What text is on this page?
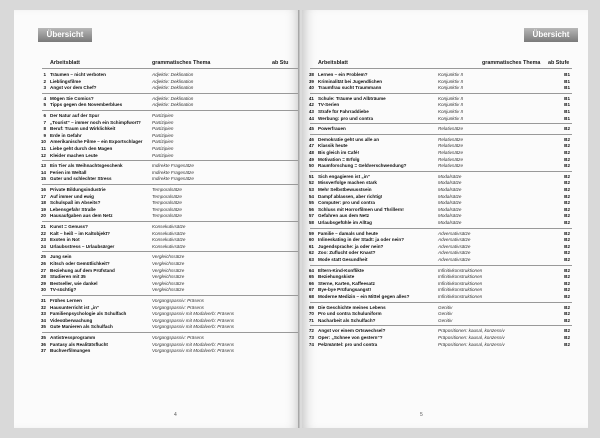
Übersicht
Arbeitsblatt	grammatisches Thema	ab Stu
1 Träumen – nicht verboten	Adjektiv: Deklination
2 Lieblingsfilme	Adjektiv: Deklination
3 Angst vor dem Chef?	Adjektiv: Deklination
4 Mögen Sie Comics?	Adjektiv: Deklination
5 Tipps gegen den Novemberblues	Adjektiv: Deklination
6 Der Natur auf der Spur	Partizipien
7 „Tourist“ – immer noch ein Schimpfwort? Partizipien
8 Beruf: Traum und Wirklichkeit	Partizipien
9 Erde in Gefahr	Partizipien
10 Amerikanische Filme – ein Exportschlager Partizipien
11 Liebe geht durch den Magen	Partizipien
12 Kleider machen Leute	Partizipien
13 Ein Tier als Weihnachtsgeschenk	Indirekte Fragesätze
14 Ferien im Weltall	Indirekte Fragesätze
15 Guter und schlechter Stress	Indirekte Fragesätze
16 Private Bildungsindustrie	Temporalsätze
17 Auf immer und ewig	Temporalsätze
18 Schulspaß im Abseits?	Temporalsätze
19 Lebensgefahr Straße	Temporalsätze
20 Hausaufgaben aus dem Netz	Temporalsätze
21 Kunst = Genuss?	Konsekutivsätze
22 Kalt – heiß – im Kaltobjekt?	Konsekutivsätze
23 Exoten in Not	Konsekutivsätze
24 Urlaubsstress – Urlaubsärger	Konsekutivsätze
25 Jung sein	Vergleichssätze
26 Kitsch oder Gemütlichkeit?	Vergleichssätze
27 Beziehung auf dem Prüfstand	Vergleichssätze
28 Studieren mit 35	Vergleichssätze
29 Bestseller, wie dankel	Vergleichssätze
30 TV-süchtig?	Vergleichssätze
31 Frühes Lernen	Vorgangspassiv: Präsens
32 Hausunterricht ist „in“	Vorgangspassiv: Präsens
33 Familienpsychologie als Schulfach	Vorgangspassiv mit Modalverb: Präsens
34 Videoüberwachung	Vorgangspassiv mit Modalverb: Präsens
35 Gute Manieren als Schulfach	Vorgangspassiv mit Modalverb: Präsens
35 Antistressprogramm	Vorgangspassiv: Präsens
36 Fantasy als Realitätsflucht	Vorgangspassiv mit Modalverb: Präsens
37 Buchverfilmungen	Vorgangspassiv mit Modalverb: Präsens
4
Übersicht
Arbeitsblatt	grammatisches Thema ab Stufe
38 Lernen – ein Problem?	Konjunktiv II	B1
39 Kriminalität bei Jugendlichen	Konjunktiv II	B1
40 Traumfrau sucht Traummann	Konjunktiv II	B1
41 Schule: Träume und Albträume	Konjunktiv II	B1
42 TV-Serien	Konjunktiv II	B1
43 Strafe für Fahrraddiebe	Konjunktiv II	B1
44 Werbung: pro und contra	Konjunktiv II	B1
45 Powerfrauen	Relativsätze	B2
46 Demokratie geht uns alle an	Relativsätze	B2
47 Klassik heute	Relativsätze	B2
48 Bis gleich im Café!	Relativsätze	B2
49 Motivation = Erfolg	Relativsätze	B2
50 Raumforschung = Geldverschwendung?	Relativsätze	B2
51 Sich engagieren ist „in“	Modalsätze	B2
52 Missverfolge machen stark	Modalsätze	B2
53 Mehr Selbstbewusstsein	Modalsätze	B2
54 Dampf ablassen, aber richtig!	Modalsätze	B2
55 Computer: pro und contra	Modalsätze	B2
56 Schluss mit Horrorfilmen und Thrillern!	Modalsätze	B2
57 Gefahren aus dem Netz	Modalsätze	B2
58 Urlaubsgefühle im Alltag	Modalsätze	B2
59 Familie – damals und heute	Adversativsätze	B2
60 Inlineskating in der Stadt: ja oder nein?	Adversativsätze	B2
61 Jugendsprache: ja oder nein?	Adversativsätze	B2
62 Zoo: Zuflucht oder Knast?	Adversativsätze	B2
63 Mode statt Gesundheit	Adversativsätze	B2
64 Eltern-Kind-Konflikte	Infinitivkonstruktionen	B2
65 Beziehungskiste	Infinitivkonstruktionen	B2
66 Sterne, Karten, Kaffeesatz	Infinitivkonstruktionen	B2
67 Bye-bye Prüfungsangst!	Infinitivkonstruktionen	B2
68 Moderne Medizin – ein Mittel gegen alles?	Infinitivkonstruktionen	B2
69 Die Geschichte meines Lebens	Genitiv	B2
70 Pro und contra Schuluniform	Genitiv	B2
71 Nacharbeit als Schulfach?	Genitiv	B2
72 Angst vor einem Ortswechsel?	Präpositionen: kausal, konzessiv	B2
73 Oper: „Schnee von gestern“?	Präpositionen: kausal, konzessiv	B2
74 Pelzmäntel: pro und contra	Präpositionen: kausal, konzessiv	B2
5
